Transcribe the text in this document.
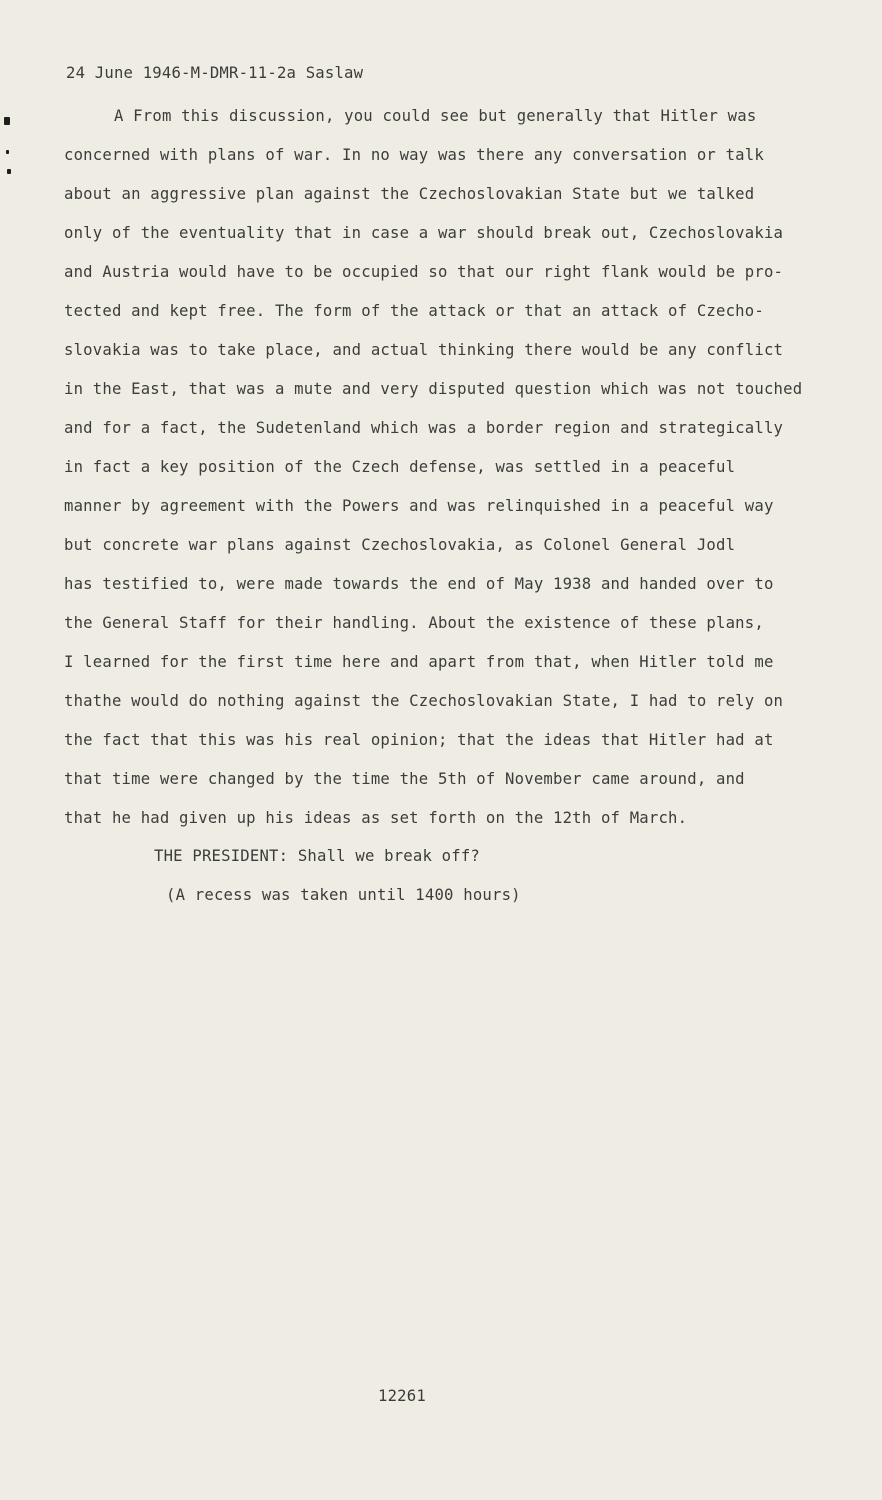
24 June 1946-M-DMR-11-2a Saslaw
A From this discussion, you could see but generally that Hitler was
concerned with plans of war. In no way was there any conversation or talk
about an aggressive plan against the Czechoslovakian State but we talked
only of the eventuality that in case a war should break out, Czechoslovakia
and Austria would have to be occupied so that our right flank would be pro-
tected and kept free. The form of the attack or that an attack of Czecho-
slovakia was to take place, and actual thinking there would be any conflict
in the East, that was a mute and very disputed question which was not touched
and for a fact, the Sudetenland which was a border region and strategically
in fact a key position of the Czech defense, was settled in a peaceful
manner by agreement with the Powers and was relinquished in a peaceful way
but concrete war plans against Czechoslovakia, as Colonel General Jodl
has testified to, were made towards the end of May 1938 and handed over to
the General Staff for their handling. About the existence of these plans,
I learned for the first time here and apart from that, when Hitler told me
thathe would do nothing against the Czechoslovakian State, I had to rely on
the fact that this was his real opinion; that the ideas that Hitler had at
that time were changed by the time the 5th of November came around, and
that he had given up his ideas as set forth on the 12th of March.
THE PRESIDENT: Shall we break off?
(A recess was taken until 1400 hours)
12261
